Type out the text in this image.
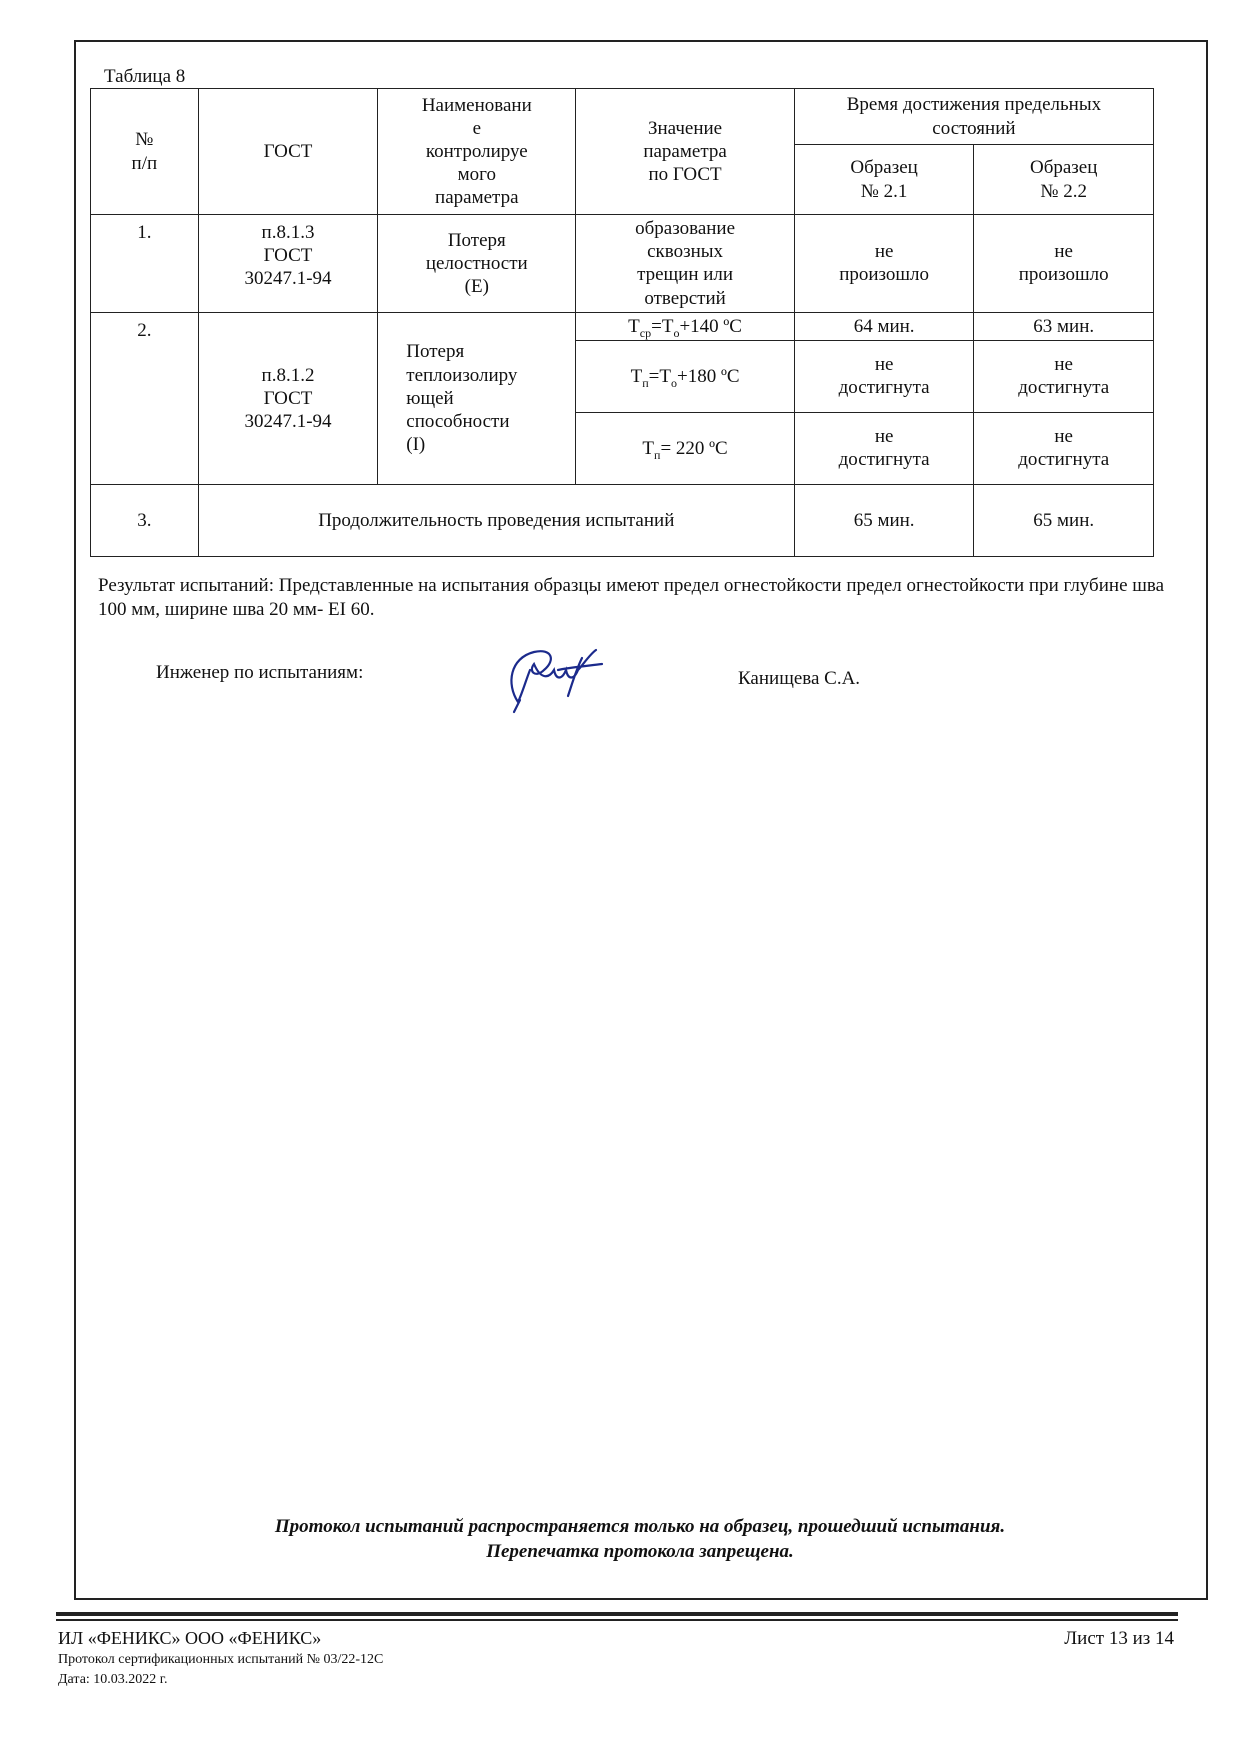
Таблица 8
№
п/п	ГОСТ	Наименовани
е
контролируе
мого
параметра	Значение
параметра
по ГОСТ	Время достижения предельных
состояний	
				Образец
№ 2.1	Образец
№ 2.2
1.	п.8.1.3
ГОСТ
30247.1-94	Потеря
целостности
(E)	образование
сквозных
трещин или
отверстий	не
произошло	не
произошло
2.	п.8.1.2
ГОСТ
30247.1-94	Потеря
теплоизолиру
ющей
способности
(I)	$T_{ср}=T_о+140$ ºC	64 мин.	63 мин.
			$T_п=T_о+180$ ºC	не
достигнута	не
достигнута
			$T_п= 220$ ºC	не
достигнута	не
достигнута
3.	Продолжительность проведения испытаний			65 мин.	65 мин.
Результат испытаний: Представленные на испытания образцы имеют предел огнестойкости предел огнестойкости при глубине шва 100 мм, ширине шва 20 мм- EI 60.
Инженер по испытаниям:	Канищева С.А.
Протокол испытаний распространяется только на образец, прошедший испытания.
Перепечатка протокола запрещена.
ИЛ «ФЕНИКС» ООО «ФЕНИКС»
Протокол сертификационных испытаний № 03/22-12С
Дата: 10.03.2022 г.
Лист 13 из 14
